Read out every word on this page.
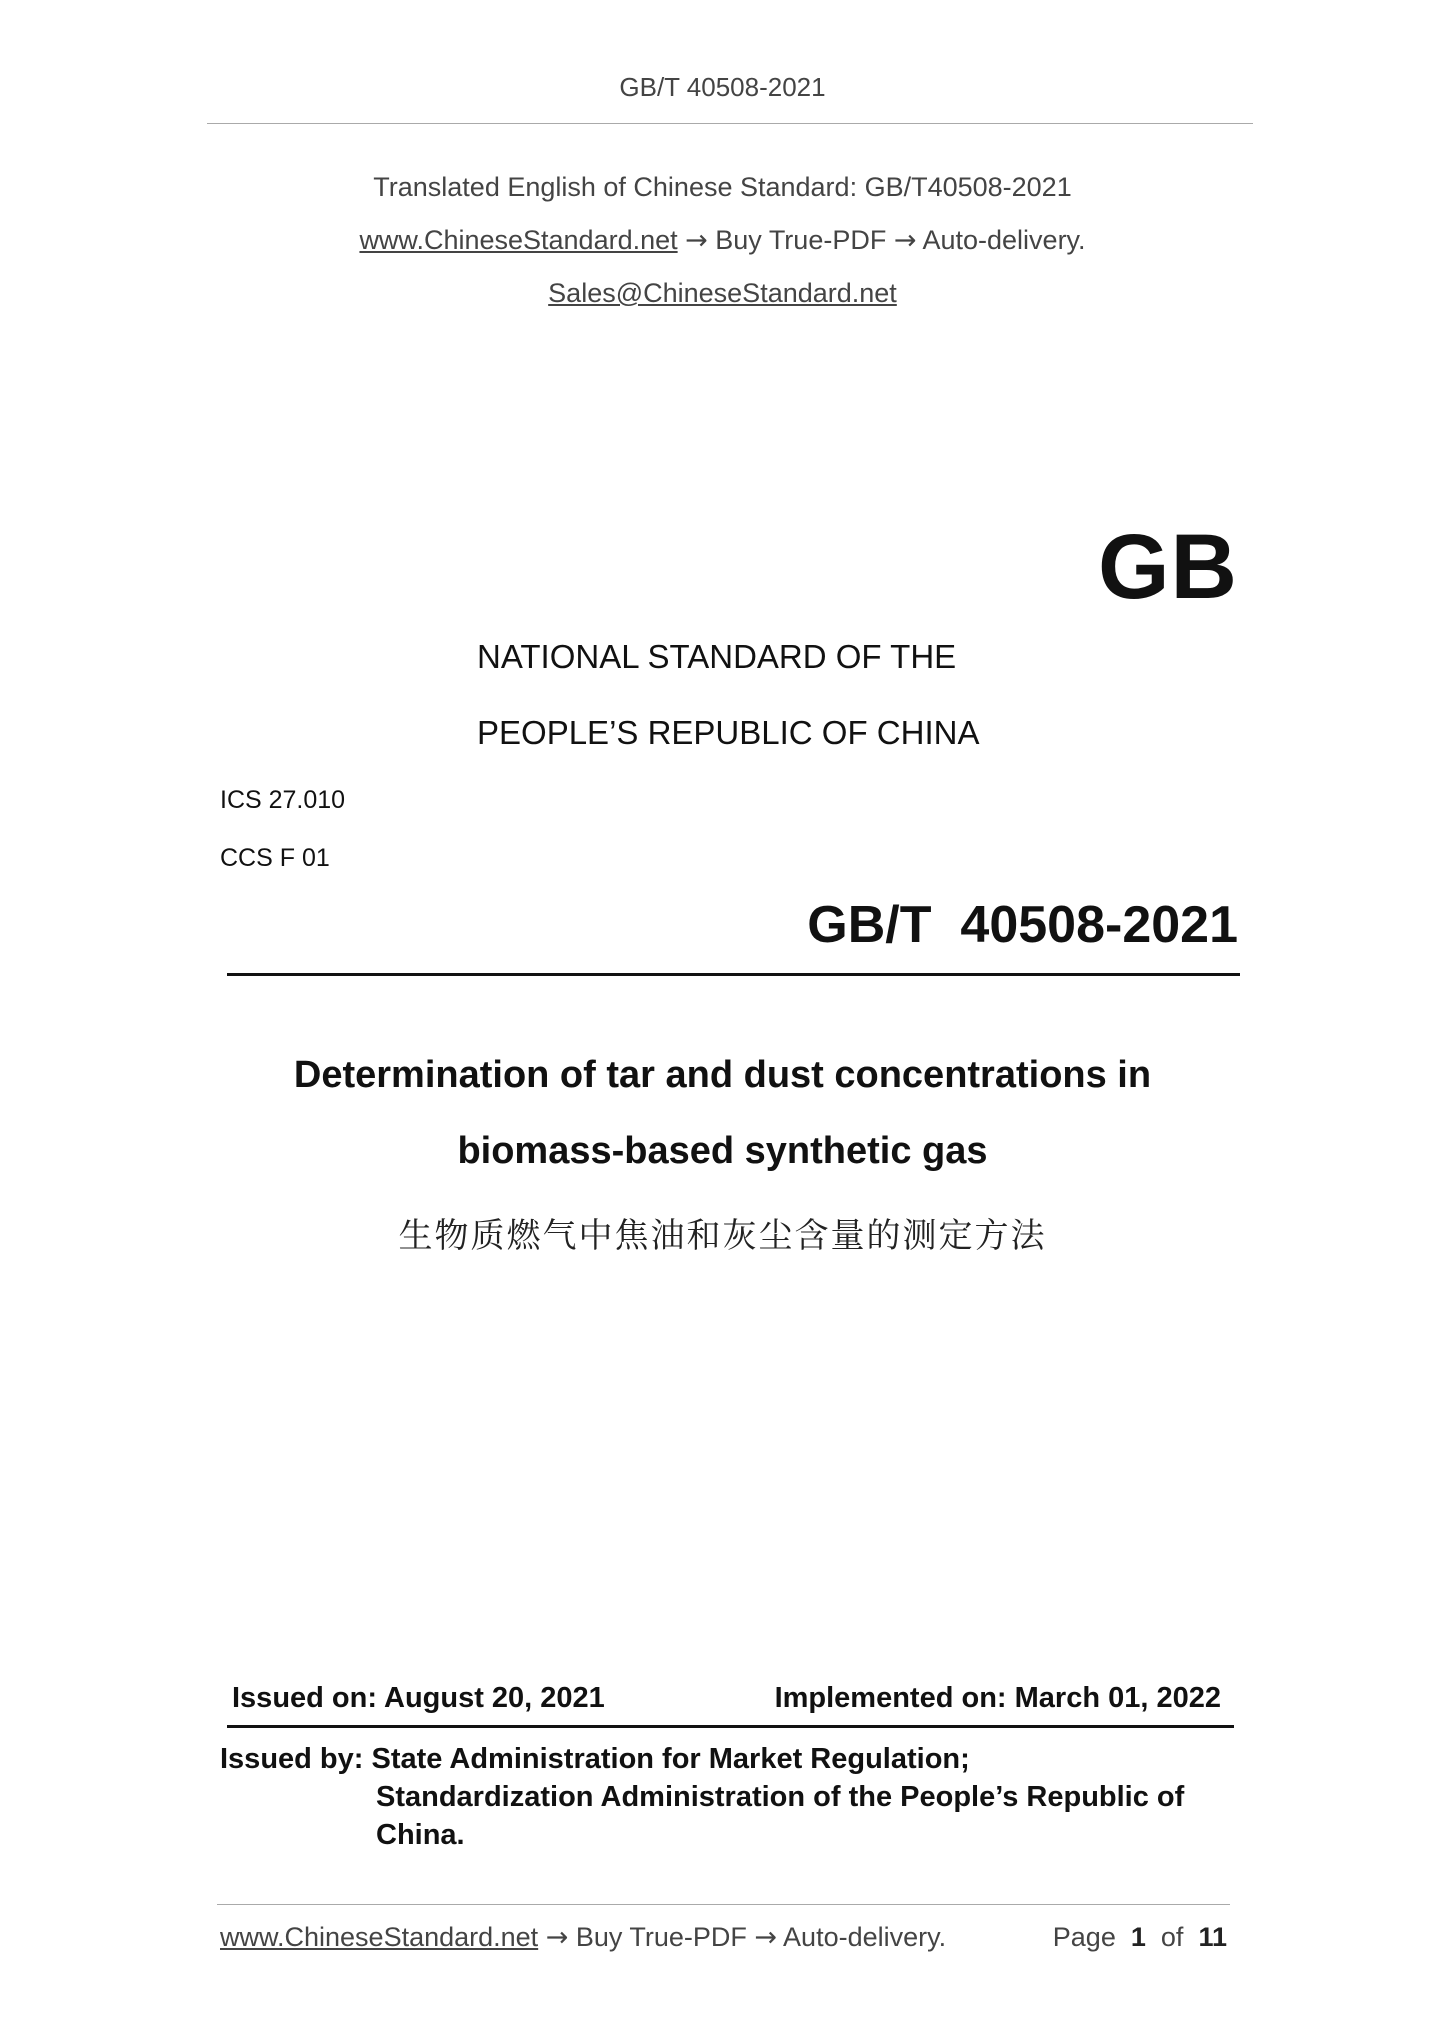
GB/T 40508-2021
Translated English of Chinese Standard: GB/T40508-2021
www.ChineseStandard.net → Buy True-PDF → Auto-delivery.
Sales@ChineseStandard.net
GB
NATIONAL STANDARD OF THE
PEOPLE’S REPUBLIC OF CHINA
ICS 27.010
CCS F 01
GB/T  40508-2021
Determination of tar and dust concentrations in
biomass-based synthetic gas
生物质燃气中焦油和灰尘含量的测定方法
Issued on: August 20, 2021	Implemented on: March 01, 2022
Issued by: State Administration for Market Regulation;
Standardization Administration of the People’s Republic of
China.
www.ChineseStandard.net → Buy True-PDF → Auto-delivery.	Page 1 of 11
